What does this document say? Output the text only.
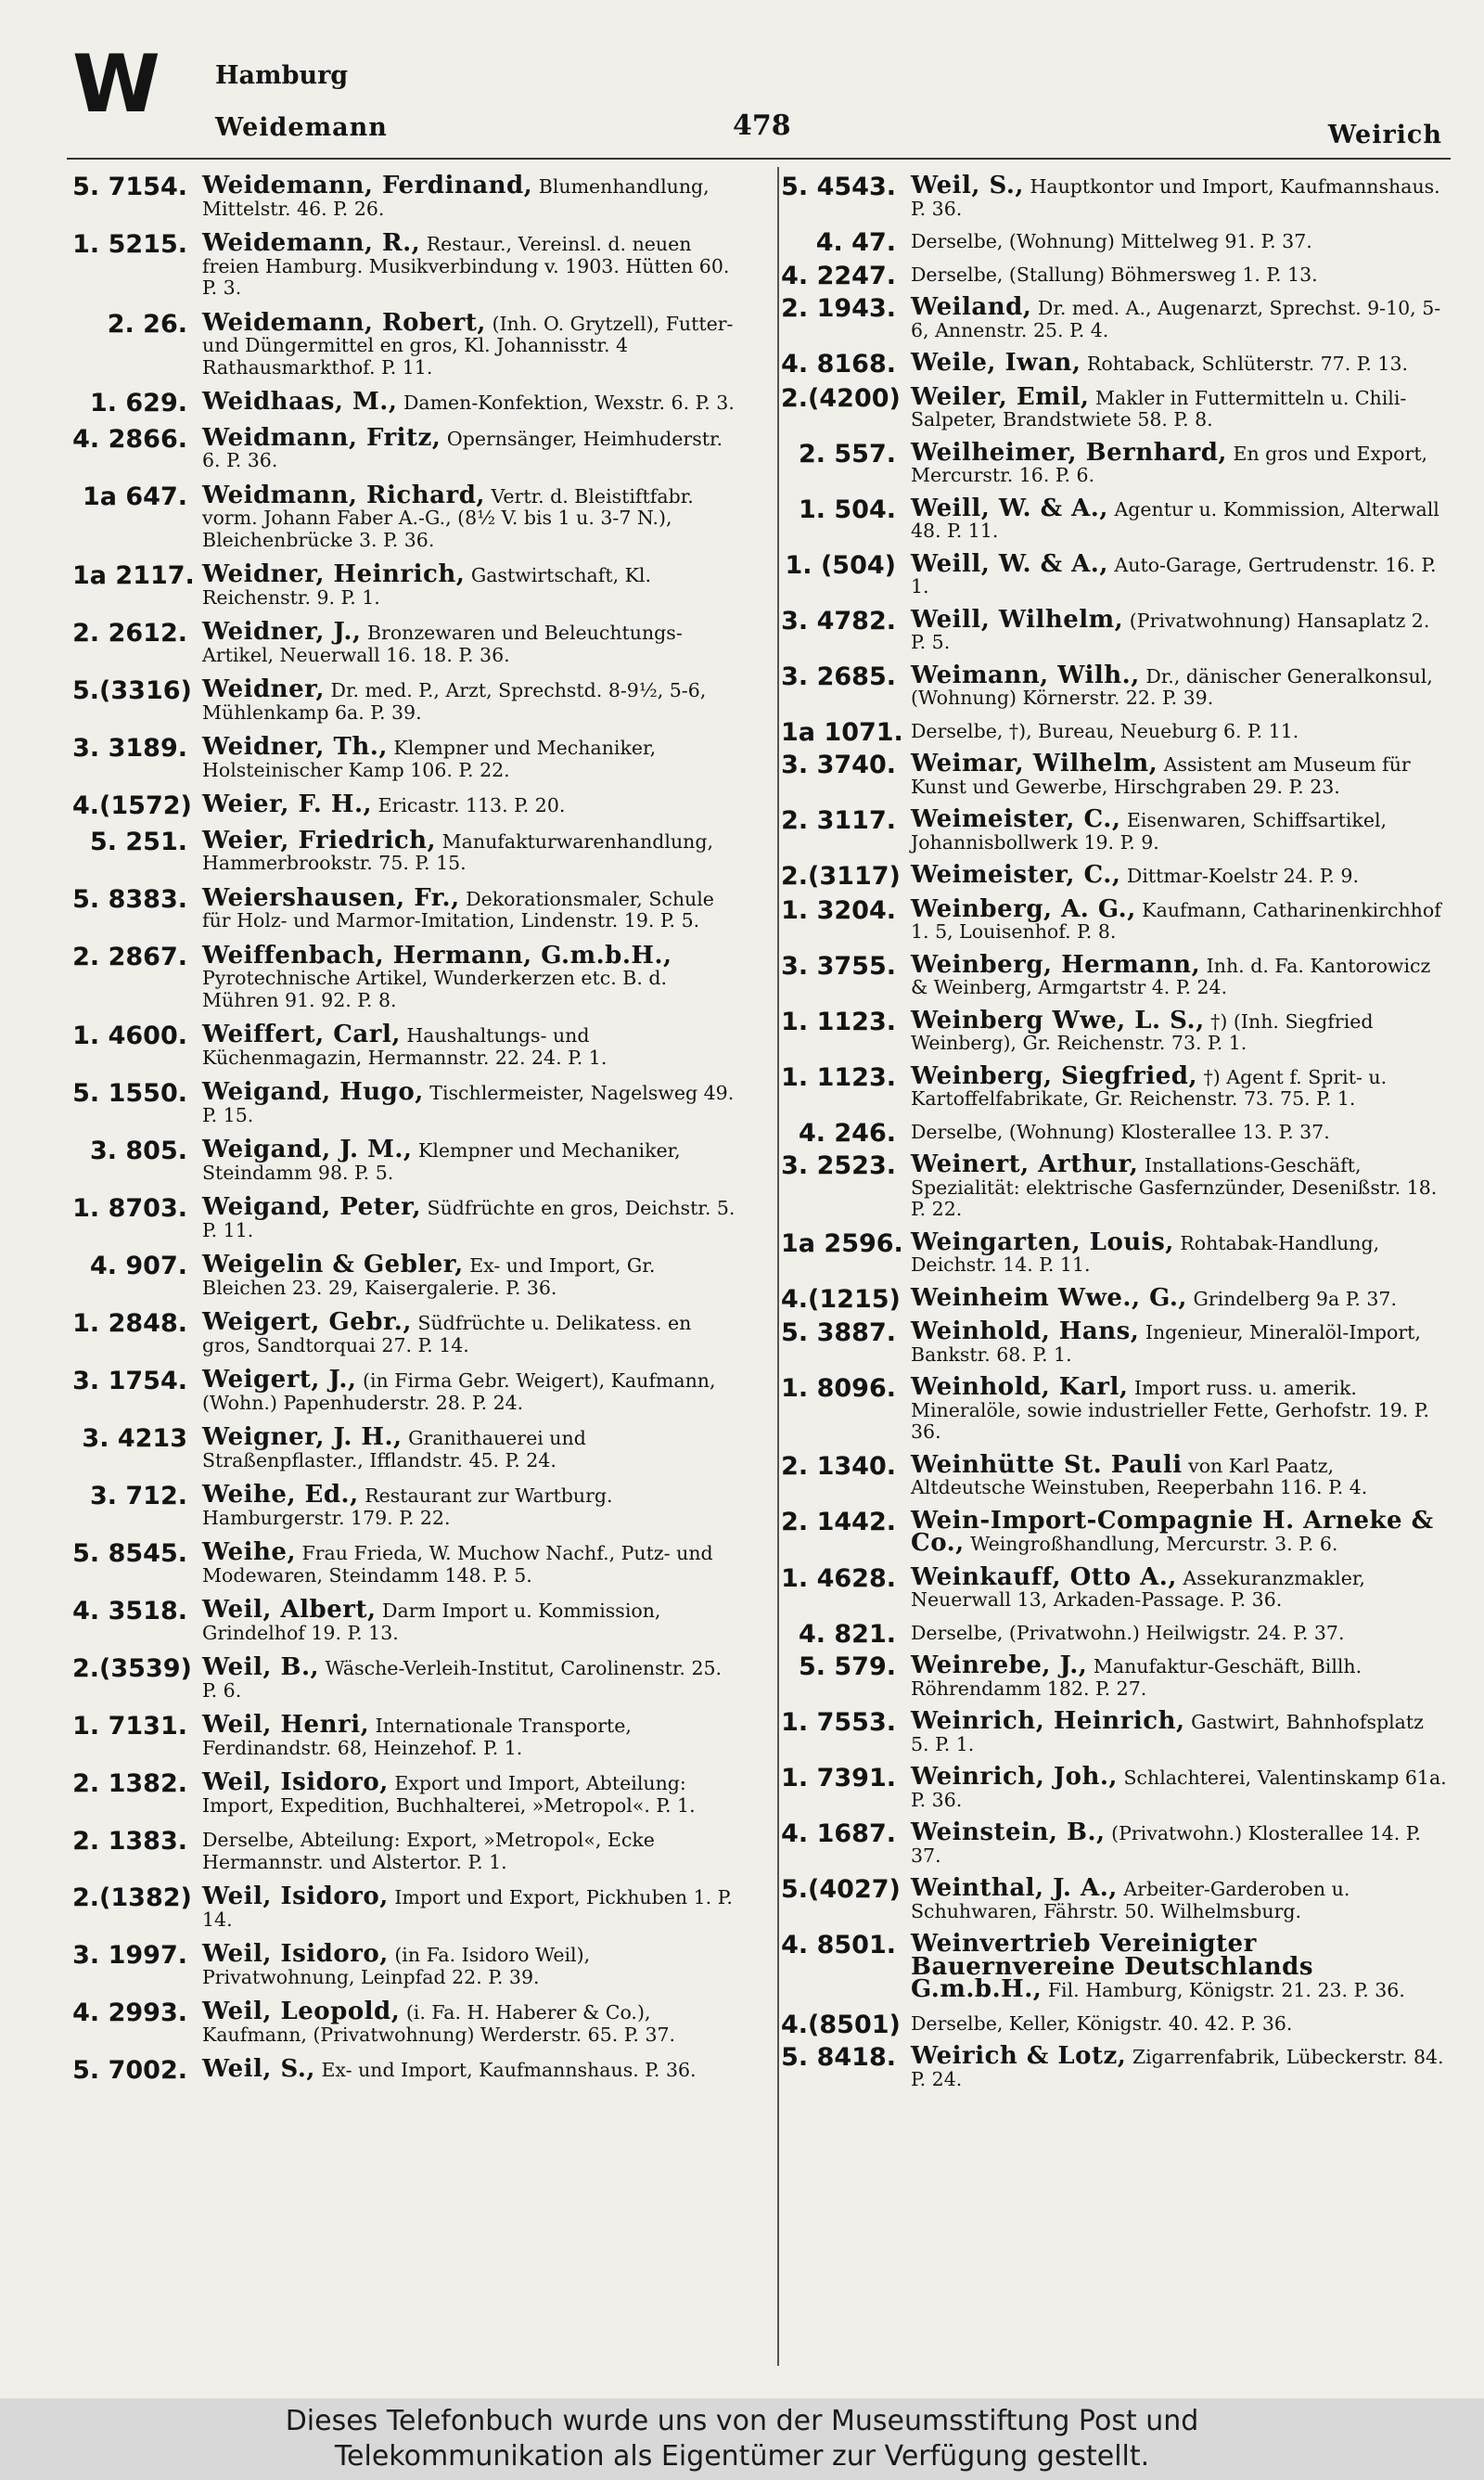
W Hamburg
Weidemann	478	Weirich
5. 7154. Weidemann, Ferdinand, Blumenhandlung, Mittelstr. 46. P. 26.
1. 5215. Weidemann, R., Restaur., Vereinsl. d. neuen freien Hamburg. Musikverbindung v. 1903. Hütten 60. P. 3.
2. 26. Weidemann, Robert, (Inh. O. Grytzell), Futter- und Düngermittel en gros, Kl. Johannisstr. 4 Rathausmarkthof. P. 11.
1. 629. Weidhaas, M., Damen-Konfektion, Wexstr. 6. P. 3.
4. 2866. Weidmann, Fritz, Opernsänger, Heimhuderstr. 6. P. 36.
1a 647. Weidmann, Richard, Vertr. d. Bleistiftfabr. vorm. Johann Faber A.-G., (8½ V. bis 1 u. 3-7 N.), Bleichenbrücke 3. P. 36.
1a 2117. Weidner, Heinrich, Gastwirtschaft, Kl. Reichenstr. 9. P. 1.
2. 2612. Weidner, J., Bronzewaren und Beleuchtungs-Artikel, Neuerwall 16. 18. P. 36.
5.(3316) Weidner, Dr. med. P., Arzt, Sprechstd. 8-9½, 5-6, Mühlenkamp 6a. P. 39.
3. 3189. Weidner, Th., Klempner und Mechaniker, Holsteinischer Kamp 106. P. 22.
4.(1572) Weier, F. H., Ericastr. 113. P. 20.
5. 251. Weier, Friedrich, Manufakturwarenhandlung, Hammerbrookstr. 75. P. 15.
5. 8383. Weiershausen, Fr., Dekorationsmaler, Schule für Holz- und Marmor-Imitation, Lindenstr. 19. P. 5.
2. 2867. Weiffenbach, Hermann, G.m.b.H., Pyrotechnische Artikel, Wunderkerzen etc. B. d. Mühren 91. 92. P. 8.
1. 4600. Weiffert, Carl, Haushaltungs- und Küchenmagazin, Hermannstr. 22. 24. P. 1.
5. 1550. Weigand, Hugo, Tischlermeister, Nagelsweg 49. P. 15.
3. 805. Weigand, J. M., Klempner und Mechaniker, Steindamm 98. P. 5.
1. 8703. Weigand, Peter, Südfrüchte en gros, Deichstr. 5. P. 11.
4. 907. Weigelin & Gebler, Ex- und Import, Gr. Bleichen 23. 29, Kaisergalerie. P. 36.
1. 2848. Weigert, Gebr., Südfrüchte u. Delikatess. en gros, Sandtorquai 27. P. 14.
3. 1754. Weigert, J., (in Firma Gebr. Weigert), Kaufmann, (Wohn.) Papenhuderstr. 28. P. 24.
3. 4213 Weigner, J. H., Granithauerei und Straßenpflaster., Ifflandstr. 45. P. 24.
3. 712. Weihe, Ed., Restaurant zur Wartburg. Hamburgerstr. 179. P. 22.
5. 8545. Weihe, Frau Frieda, W. Muchow Nachf., Putz- und Modewaren, Steindamm 148. P. 5.
4. 3518. Weil, Albert, Darm Import u. Kommission, Grindelhof 19. P. 13.
2.(3539) Weil, B., Wäsche-Verleih-Institut, Carolinenstr. 25. P. 6.
1. 7131. Weil, Henri, Internationale Transporte, Ferdinandstr. 68, Heinzehof. P. 1.
2. 1382. Weil, Isidoro, Export und Import, Abteilung: Import, Expedition, Buchhalterei, »Metropol«. P. 1.
2. 1383. Derselbe, Abteilung: Export, »Metropol«, Ecke Hermannstr. und Alstertor. P. 1.
2.(1382) Weil, Isidoro, Import und Export, Pickhuben 1. P. 14.
3. 1997. Weil, Isidoro, (in Fa. Isidoro Weil), Privatwohnung, Leinpfad 22. P. 39.
4. 2993. Weil, Leopold, (i. Fa. H. Haberer & Co.), Kaufmann, (Privatwohnung) Werderstr. 65. P. 37.
5. 7002. Weil, S., Ex- und Import, Kaufmannshaus. P. 36.
5. 4543. Weil, S., Hauptkontor und Import, Kaufmannshaus. P. 36.
4. 47. Derselbe, (Wohnung) Mittelweg 91. P. 37.
4. 2247. Derselbe, (Stallung) Böhmersweg 1. P. 13.
2. 1943. Weiland, Dr. med. A., Augenarzt, Sprechst. 9-10, 5-6, Annenstr. 25. P. 4.
4. 8168. Weile, Iwan, Rohtaback, Schlüterstr. 77. P. 13.
2.(4200) Weiler, Emil, Makler in Futtermitteln u. Chili-Salpeter, Brandstwiete 58. P. 8.
2. 557. Weilheimer, Bernhard, En gros und Export, Mercurstr. 16. P. 6.
1. 504. Weill, W. & A., Agentur u. Kommission, Alterwall 48. P. 11.
1. (504) Weill, W. & A., Auto-Garage, Gertrudenstr. 16. P. 1.
3. 4782. Weill, Wilhelm, (Privatwohnung) Hansaplatz 2. P. 5.
3. 2685. Weimann, Wilh., Dr., dänischer Generalkonsul, (Wohnung) Körnerstr. 22. P. 39.
1a 1071. Derselbe, †), Bureau, Neueburg 6. P. 11.
3. 3740. Weimar, Wilhelm, Assistent am Museum für Kunst und Gewerbe, Hirschgraben 29. P. 23.
2. 3117. Weimeister, C., Eisenwaren, Schiffsartikel, Johannisbollwerk 19. P. 9.
2.(3117) Weimeister, C., Dittmar-Koelstr 24. P. 9.
1. 3204. Weinberg, A. G., Kaufmann, Catharinenkirchhof 1. 5, Louisenhof. P. 8.
3. 3755. Weinberg, Hermann, Inh. d. Fa. Kantorowicz & Weinberg, Armgartstr 4. P. 24.
1. 1123. Weinberg Wwe, L. S., †) (Inh. Siegfried Weinberg), Gr. Reichenstr. 73. P. 1.
1. 1123. Weinberg, Siegfried, †) Agent f. Sprit- u. Kartoffelfabrikate, Gr. Reichenstr. 73. 75. P. 1.
4. 246. Derselbe, (Wohnung) Klosterallee 13. P. 37.
3. 2523. Weinert, Arthur, Installations-Geschäft, Spezialität: elektrische Gasfernzünder, Desenißstr. 18. P. 22.
1a 2596. Weingarten, Louis, Rohtabak-Handlung, Deichstr. 14. P. 11.
4.(1215) Weinheim Wwe., G., Grindelberg 9a P. 37.
5. 3887. Weinhold, Hans, Ingenieur, Mineralöl-Import, Bankstr. 68. P. 1.
1. 8096. Weinhold, Karl, Import russ. u. amerik. Mineralöle, sowie industrieller Fette, Gerhofstr. 19. P. 36.
2. 1340. Weinhütte St. Pauli von Karl Paatz, Altdeutsche Weinstuben, Reeperbahn 116. P. 4.
2. 1442. Wein-Import-Compagnie H. Arneke & Co., Weingroßhandlung, Mercurstr. 3. P. 6.
1. 4628. Weinkauff, Otto A., Assekuranzmakler, Neuerwall 13, Arkaden-Passage. P. 36.
4. 821. Derselbe, (Privatwohn.) Heilwigstr. 24. P. 37.
5. 579. Weinrebe, J., Manufaktur-Geschäft, Billh. Röhrendamm 182. P. 27.
1. 7553. Weinrich, Heinrich, Gastwirt, Bahnhofsplatz 5. P. 1.
1. 7391. Weinrich, Joh., Schlachterei, Valentinskamp 61a. P. 36.
4. 1687. Weinstein, B., (Privatwohn.) Klosterallee 14. P. 37.
5.(4027) Weinthal, J. A., Arbeiter-Garderoben u. Schuhwaren, Fährstr. 50. Wilhelmsburg.
4. 8501. Weinvertrieb Vereinigter Bauernvereine Deutschlands G.m.b.H., Fil. Hamburg, Königstr. 21. 23. P. 36.
4.(8501) Derselbe, Keller, Königstr. 40. 42. P. 36.
5. 8418. Weirich & Lotz, Zigarrenfabrik, Lübeckerstr. 84. P. 24.
Dieses Telefonbuch wurde uns von der Museumsstiftung Post und
Telekommunikation als Eigentümer zur Verfügung gestellt.
